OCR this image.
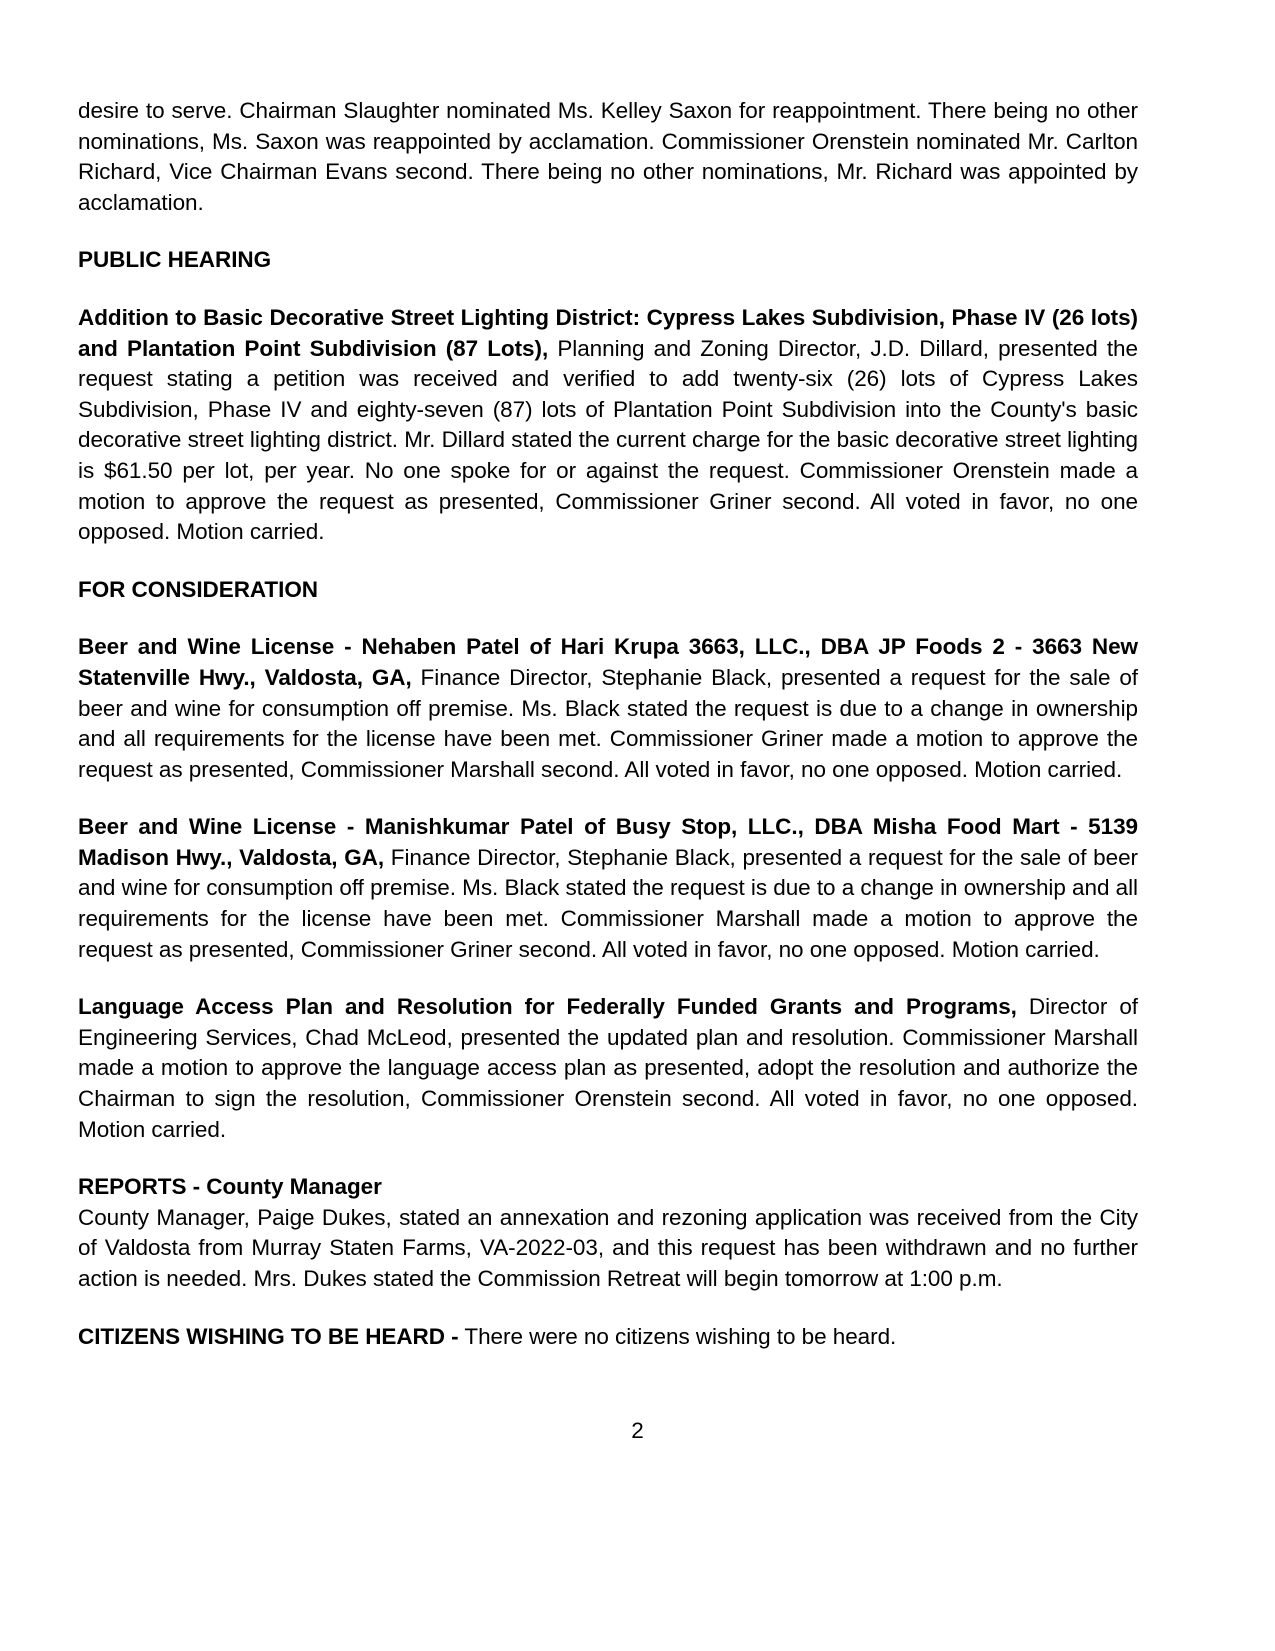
desire to serve. Chairman Slaughter nominated Ms. Kelley Saxon for reappointment. There being no other nominations, Ms. Saxon was reappointed by acclamation. Commissioner Orenstein nominated Mr. Carlton Richard, Vice Chairman Evans second. There being no other nominations, Mr. Richard was appointed by acclamation.

PUBLIC HEARING

Addition to Basic Decorative Street Lighting District: Cypress Lakes Subdivision, Phase IV (26 lots) and Plantation Point Subdivision (87 Lots), Planning and Zoning Director, J.D. Dillard, presented the request stating a petition was received and verified to add twenty-six (26) lots of Cypress Lakes Subdivision, Phase IV and eighty-seven (87) lots of Plantation Point Subdivision into the County's basic decorative street lighting district. Mr. Dillard stated the current charge for the basic decorative street lighting is $61.50 per lot, per year. No one spoke for or against the request. Commissioner Orenstein made a motion to approve the request as presented, Commissioner Griner second. All voted in favor, no one opposed. Motion carried.

FOR CONSIDERATION

Beer and Wine License - Nehaben Patel of Hari Krupa 3663, LLC., DBA JP Foods 2 - 3663 New Statenville Hwy., Valdosta, GA, Finance Director, Stephanie Black, presented a request for the sale of beer and wine for consumption off premise. Ms. Black stated the request is due to a change in ownership and all requirements for the license have been met. Commissioner Griner made a motion to approve the request as presented, Commissioner Marshall second. All voted in favor, no one opposed. Motion carried.

Beer and Wine License - Manishkumar Patel of Busy Stop, LLC., DBA Misha Food Mart - 5139 Madison Hwy., Valdosta, GA, Finance Director, Stephanie Black, presented a request for the sale of beer and wine for consumption off premise. Ms. Black stated the request is due to a change in ownership and all requirements for the license have been met. Commissioner Marshall made a motion to approve the request as presented, Commissioner Griner second. All voted in favor, no one opposed. Motion carried.

Language Access Plan and Resolution for Federally Funded Grants and Programs, Director of Engineering Services, Chad McLeod, presented the updated plan and resolution. Commissioner Marshall made a motion to approve the language access plan as presented, adopt the resolution and authorize the Chairman to sign the resolution, Commissioner Orenstein second. All voted in favor, no one opposed. Motion carried.

REPORTS - County Manager

County Manager, Paige Dukes, stated an annexation and rezoning application was received from the City of Valdosta from Murray Staten Farms, VA-2022-03, and this request has been withdrawn and no further action is needed. Mrs. Dukes stated the Commission Retreat will begin tomorrow at 1:00 p.m.

CITIZENS WISHING TO BE HEARD - There were no citizens wishing to be heard.

2
